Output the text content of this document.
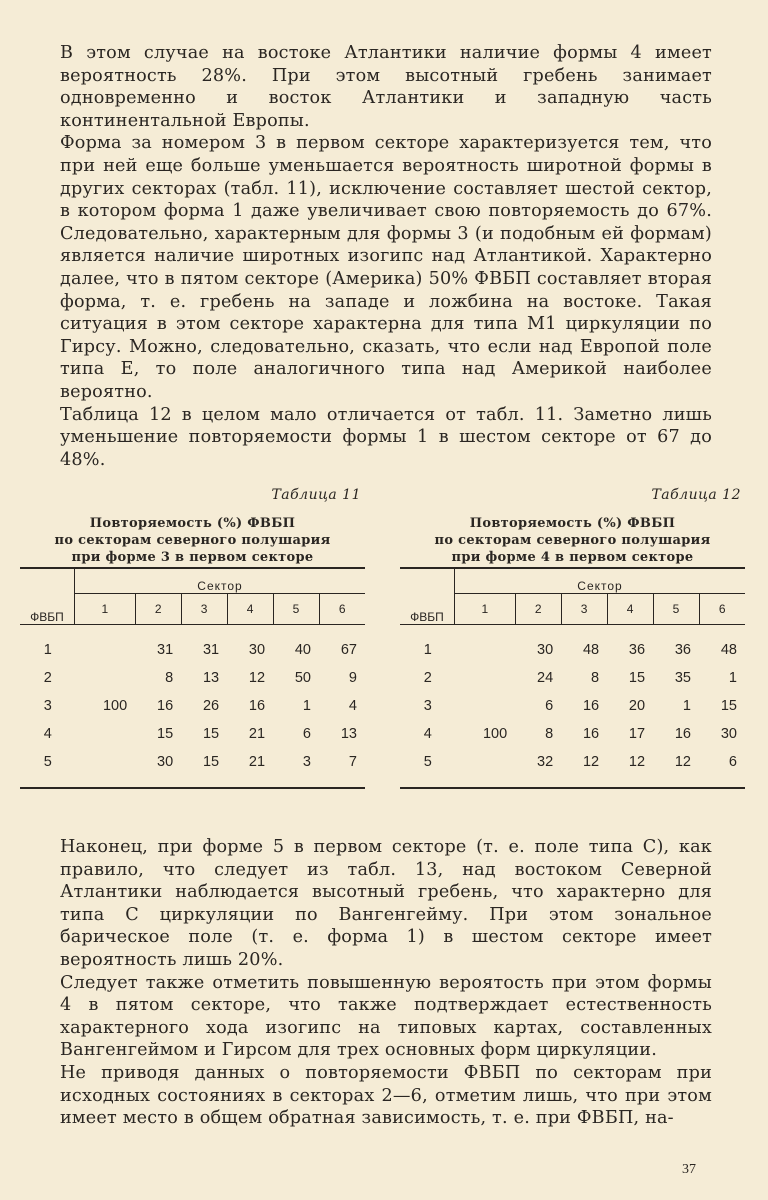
В этом случае на востоке Атлантики наличие формы 4 имеет вероятность 28%. При этом высотный гребень занимает одновременно и восток Атлантики и западную часть континентальной Европы.

Форма за номером 3 в первом секторе характеризуется тем, что при ней еще больше уменьшается вероятность широтной формы в других секторах (табл. 11), исключение составляет шестой сектор, в котором форма 1 даже увеличивает свою повторяемость до 67%. Следовательно, характерным для формы 3 (и подобным ей формам) является наличие широтных изогипс над Атлантикой. Характерно далее, что в пятом секторе (Америка) 50% ФВБП составляет вторая форма, т. е. гребень на западе и ложбина на востоке. Такая ситуация в этом секторе характерна для типа М1 циркуляции по Гирсу. Можно, следовательно, сказать, что если над Европой поле типа Е, то поле аналогичного типа над Америкой наиболее вероятно.

Таблица 12 в целом мало отличается от табл. 11. Заметно лишь уменьшение повторяемости формы 1 в шестом секторе от 67 до 48%.

Таблица 11
Повторяемость (%) ФВБП
по секторам северного полушария
при форме 3 в первом секторе
ФВБП	Сектор					
	1	2	3	4	5	6
1		31	31	30	40	67
2		8	13	12	50	9
3	100	16	26	16	1	4
4		15	15	21	6	13
5		30	15	21	3	7
Таблица 12
Повторяемость (%) ФВБП
по секторам северного полушария
при форме 4 в первом секторе
ФВБП	Сектор					
	1	2	3	4	5	6
1		30	48	36	36	48
2		24	8	15	35	1
3		6	16	20	1	15
4	100	8	16	17	16	30
5		32	12	12	12	6

Наконец, при форме 5 в первом секторе (т. е. поле типа С), как правило, что следует из табл. 13, над востоком Северной Атлантики наблюдается высотный гребень, что характерно для типа С циркуляции по Вангенгейму. При этом зональное барическое поле (т. е. форма 1) в шестом секторе имеет вероятность лишь 20%.

Следует также отметить повышенную вероятость при этом формы 4 в пятом секторе, что также подтверждает естественность характерного хода изогипс на типовых картах, составленных Вангенгеймом и Гирсом для трех основных форм циркуляции.

Не приводя данных о повторяемости ФВБП по секторам при исходных состояниях в секторах 2—6, отметим лишь, что при этом имеет место в общем обратная зависимость, т. е. при ФВБП, на-

37
